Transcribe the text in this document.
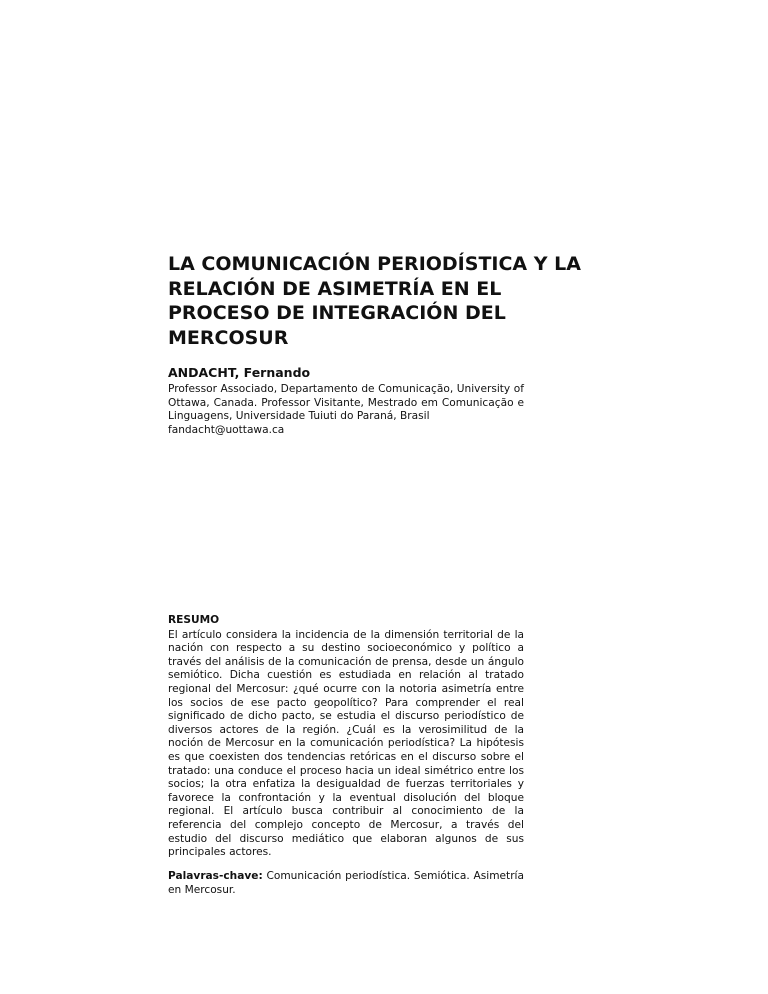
LA COMUNICACIÓN PERIODÍSTICA Y LA RELACIÓN DE ASIMETRÍA EN EL PROCESO DE INTEGRACIÓN DEL MERCOSUR

ANDACHT, Fernando

Professor Associado, Departamento de Comunicação, University of Ottawa, Canada. Professor Visitante, Mestrado em Comunicação e Linguagens, Universidade Tuiuti do Paraná, Brasil

fandacht@uottawa.ca

RESUMO

El artículo considera la incidencia de la dimensión territorial de la nación con respecto a su destino socioeconómico y político a través del análisis de la comunicación de prensa, desde un ángulo semiótico. Dicha cuestión es estudiada en relación al tratado regional del Mercosur: ¿qué ocurre con la notoria asimetría entre los socios de ese pacto geopolítico? Para comprender el real significado de dicho pacto, se estudia el discurso periodístico de diversos actores de la región. ¿Cuál es la verosimilitud de la noción de Mercosur en la comunicación periodística? La hipótesis es que coexisten dos tendencias retóricas en el discurso sobre el tratado: una conduce el proceso hacia un ideal simétrico entre los socios; la otra enfatiza la desigualdad de fuerzas territoriales y favorece la confrontación y la eventual disolución del bloque regional. El artículo busca contribuir al conocimiento de la referencia del complejo concepto de Mercosur, a través del estudio del discurso mediático que elaboran algunos de sus principales actores.

Palavras-chave: Comunicación periodística. Semiótica. Asimetría en Mercosur.
